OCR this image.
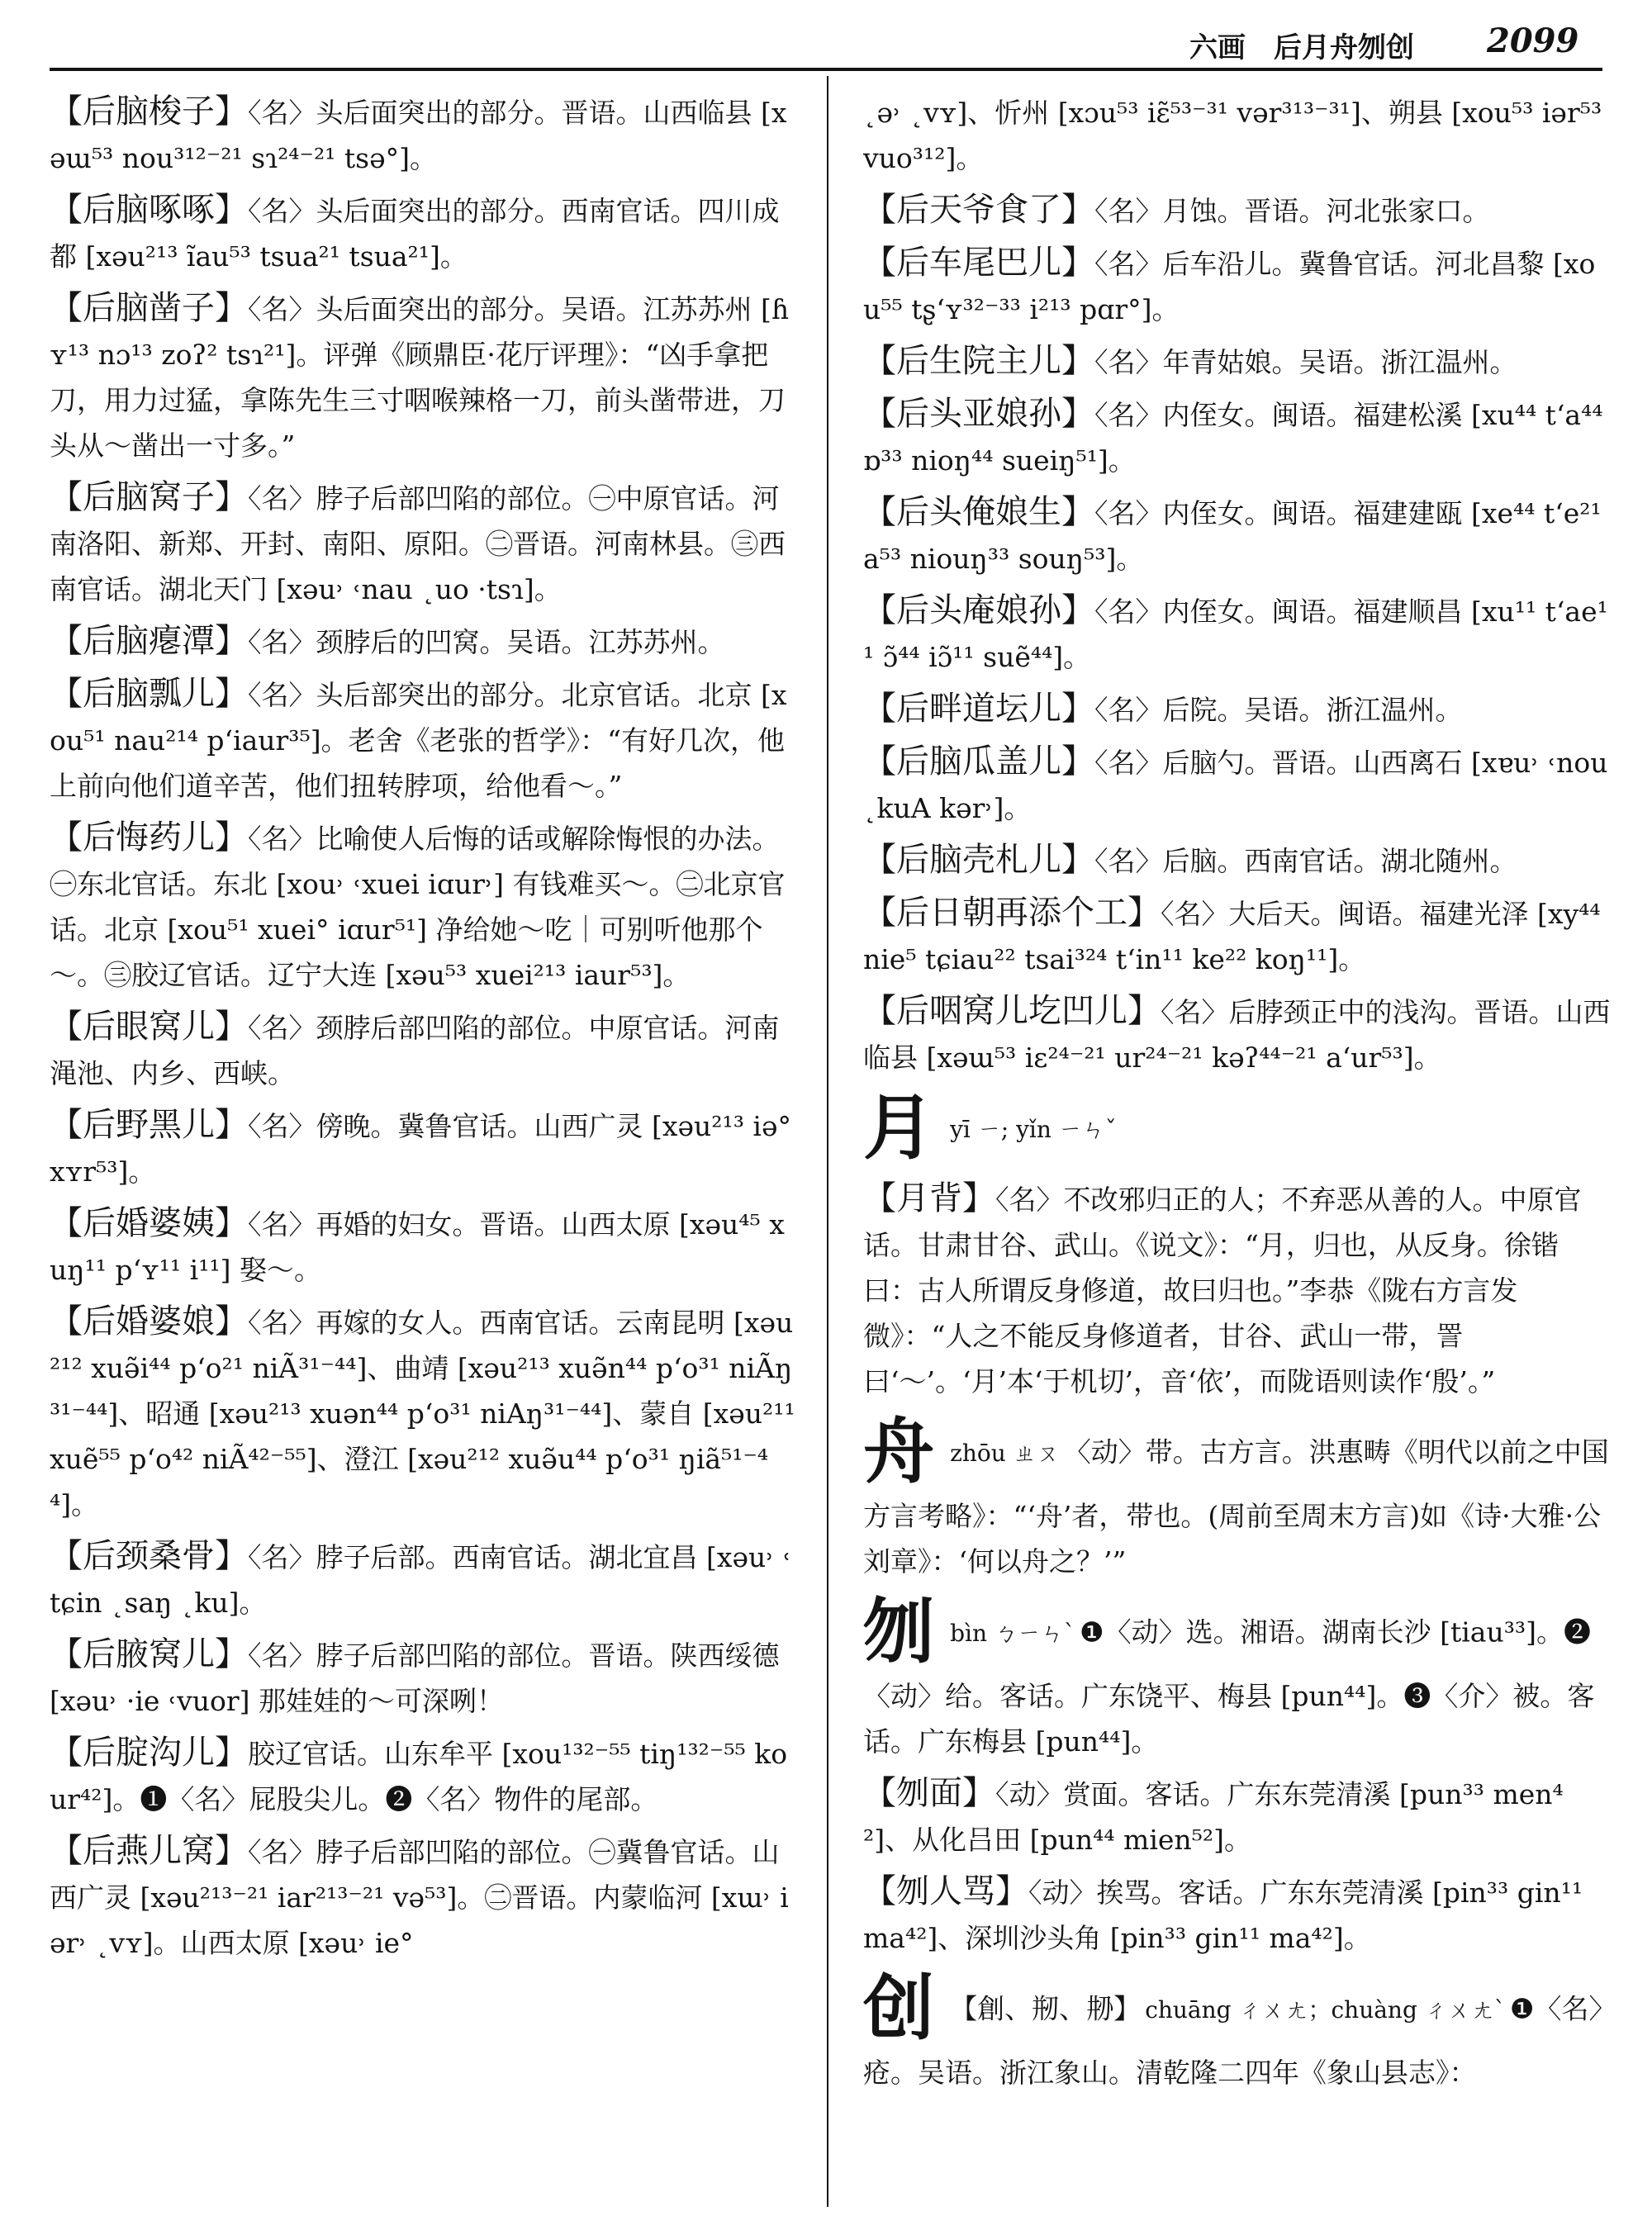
六画　后月舟刎创 2099
【后脑梭子】〈名〉头后面突出的部分。晋语。山西临县 [xəɯ⁵³ nou³¹²⁻²¹ sɿ²⁴⁻²¹ tsə°]。
【后脑啄啄】〈名〉头后面突出的部分。西南官话。四川成都 [xəu²¹³ ĩau⁵³ tsua²¹ tsua²¹]。
【后脑凿子】〈名〉头后面突出的部分。吴语。江苏苏州 [ɦʏ¹³ nɔ¹³ zoʔ² tsɿ²¹]。评弹《顾鼎臣·花厅评理》：“凶手拿把刀，用力过猛，拿陈先生三寸咽喉辣格一刀，前头凿带进，刀头从～凿出一寸多。”
【后脑窝子】〈名〉脖子后部凹陷的部位。㊀中原官话。河南洛阳、新郑、开封、南阳、原阳。㊁晋语。河南林县。㊂西南官话。湖北天门 [xəu˒ ˓nau ˛uo ·tsɿ]。
【后脑瘪潭】〈名〉颈脖后的凹窝。吴语。江苏苏州。
【后脑瓢儿】〈名〉头后部突出的部分。北京官话。北京 [xou⁵¹ nau²¹⁴ p‘iaur³⁵]。老舍《老张的哲学》：“有好几次，他上前向他们道辛苦，他们扭转脖项，给他看～。”
【后悔药儿】〈名〉比喻使人后悔的话或解除悔恨的办法。㊀东北官话。东北 [xou˒ ˓xuei iɑur˒] 有钱难买～。㊁北京官话。北京 [xou⁵¹ xuei° iɑur⁵¹] 净给她～吃｜可别听他那个～。㊂胶辽官话。辽宁大连 [xəu⁵³ xuei²¹³ iaur⁵³]。
【后眼窝儿】〈名〉颈脖后部凹陷的部位。中原官话。河南渑池、内乡、西峡。
【后野黑儿】〈名〉傍晚。冀鲁官话。山西广灵 [xəu²¹³ iə° xʏr⁵³]。
【后婚婆姨】〈名〉再婚的妇女。晋语。山西太原 [xəu⁴⁵ xuŋ¹¹ p‘ʏ¹¹ i¹¹] 娶～。
【后婚婆娘】〈名〉再嫁的女人。西南官话。云南昆明 [xəu²¹² xuə̃i⁴⁴ p‘o²¹ niÃ³¹⁻⁴⁴]、曲靖 [xəu²¹³ xuə̃n⁴⁴ p‘o³¹ niÃŋ³¹⁻⁴⁴]、昭通 [xəu²¹³ xuən⁴⁴ p‘o³¹ niAŋ³¹⁻⁴⁴]、蒙自 [xəu²¹¹ xuẽ⁵⁵ p‘o⁴² niÃ⁴²⁻⁵⁵]、澄江 [xəu²¹² xuə̃u⁴⁴ p‘o³¹ ŋiã⁵¹⁻⁴⁴]。
【后颈桑骨】〈名〉脖子后部。西南官话。湖北宜昌 [xəu˒ ˓tɕin ˛saŋ ˛ku]。
【后腋窝儿】〈名〉脖子后部凹陷的部位。晋语。陕西绥德 [xəu˒ ·ie ˓vuor] 那娃娃的～可深咧！
【后腚沟儿】胶辽官话。山东牟平 [xou¹³²⁻⁵⁵ tiŋ¹³²⁻⁵⁵ kour⁴²]。❶〈名〉屁股尖儿。❷〈名〉物件的尾部。
【后燕儿窝】〈名〉脖子后部凹陷的部位。㊀冀鲁官话。山西广灵 [xəu²¹³⁻²¹ iar²¹³⁻²¹ və⁵³]。㊁晋语。内蒙临河 [xɯ˒ iər˒ ˛vʏ]。山西太原 [xəu˒ ie°
˛ə˒ ˛vʏ]、忻州 [xɔu⁵³ iɛ̃⁵³⁻³¹ vər³¹³⁻³¹]、朔县 [xou⁵³ iər⁵³ vuo³¹²]。
【后天爷食了】〈名〉月蚀。晋语。河北张家口。
【后车尾巴儿】〈名〉后车沿儿。冀鲁官话。河北昌黎 [xou⁵⁵ tʂ‘ʏ³²⁻³³ i²¹³ pɑr°]。
【后生院主儿】〈名〉年青姑娘。吴语。浙江温州。
【后头亚娘孙】〈名〉内侄女。闽语。福建松溪 [xu⁴⁴ t‘a⁴⁴ ɒ³³ nioŋ⁴⁴ sueiŋ⁵¹]。
【后头俺娘生】〈名〉内侄女。闽语。福建建瓯 [xe⁴⁴ t‘e²¹ a⁵³ niouŋ³³ souŋ⁵³]。
【后头庵娘孙】〈名〉内侄女。闽语。福建顺昌 [xu¹¹ t‘ae¹¹ ɔ̃⁴⁴ iɔ̃¹¹ suẽ⁴⁴]。
【后畔道坛儿】〈名〉后院。吴语。浙江温州。
【后脑瓜盖儿】〈名〉后脑勺。晋语。山西离石 [xɐu˒ ˓nou ˛kuA kər˒]。
【后脑壳札儿】〈名〉后脑。西南官话。湖北随州。
【后日朝再添个工】〈名〉大后天。闽语。福建光泽 [xy⁴⁴ nie⁵ tɕiau²² tsai³²⁴ t‘in¹¹ ke²² koŋ¹¹]。
【后咽窝儿圪凹儿】〈名〉后脖颈正中的浅沟。晋语。山西临县 [xəɯ⁵³ iɛ²⁴⁻²¹ ur²⁴⁻²¹ kəʔ⁴⁴⁻²¹ a‘ur⁵³]。
月 yī ㄧ; yǐn ㄧㄣˇ
【月背】〈名〉不改邪归正的人；不弃恶从善的人。中原官话。甘肃甘谷、武山。《说文》：“月，归也，从反身。徐锴曰：古人所谓反身修道，故曰归也。”李恭《陇右方言发微》：“人之不能反身修道者，甘谷、武山一带，詈曰‘～’。‘月’本‘于机切’，音‘依’，而陇语则读作‘殷’。”
舟 zhōu ㄓㄡ 〈动〉带。古方言。洪惠畴《明代以前之中国方言考略》：“‘舟’者，带也。(周前至周末方言)如《诗·大雅·公刘章》：‘何以舟之？’”
刎 bìn ㄅㄧㄣˋ ❶〈动〉选。湘语。湖南长沙 [tiau³³]。❷〈动〉给。客话。广东饶平、梅县 [pun⁴⁴]。❸〈介〉被。客话。广东梅县 [pun⁴⁴]。
【刎面】〈动〉赏面。客话。广东东莞清溪 [pun³³ men⁴²]、从化吕田 [pun⁴⁴ mien⁵²]。
【刎人骂】〈动〉挨骂。客话。广东东莞清溪 [pin³³ gin¹¹ ma⁴²]、深圳沙头角 [pin³³ gin¹¹ ma⁴²]。
创 【創、剏、刱】 chuāng ㄔㄨㄤ；chuàng ㄔㄨㄤˋ ❶〈名〉疮。吴语。浙江象山。清乾隆二四年《象山县志》：
